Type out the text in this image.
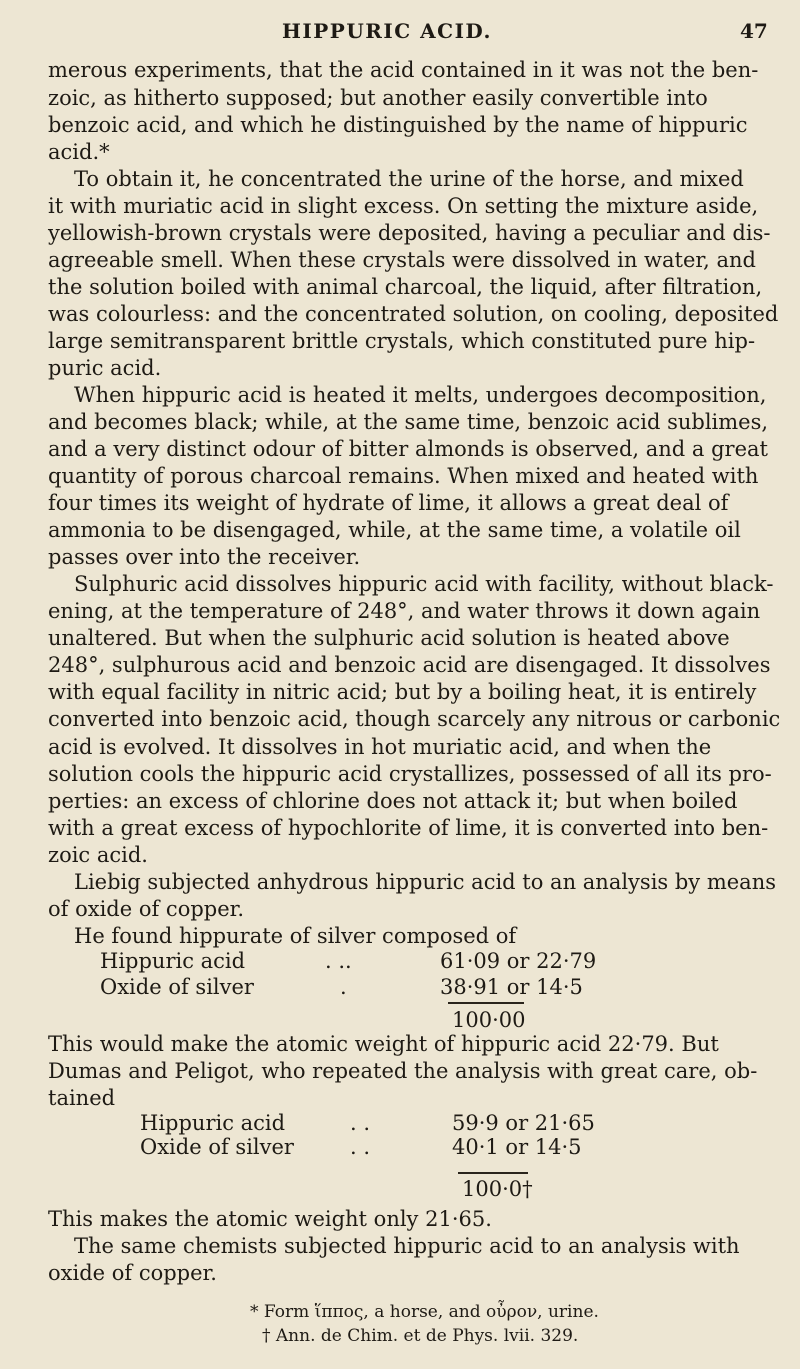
HIPPURIC ACID.	47
merous experiments, that the acid contained in it was not the ben-
zoic, as hitherto supposed; but another easily convertible into
benzoic acid, and which he distinguished by the name of hippuric
acid.*
To obtain it, he concentrated the urine of the horse, and mixed
it with muriatic acid in slight excess. On setting the mixture aside,
yellowish-brown crystals were deposited, having a peculiar and dis-
agreeable smell. When these crystals were dissolved in water, and
the solution boiled with animal charcoal, the liquid, after filtration,
was colourless: and the concentrated solution, on cooling, deposited
large semitransparent brittle crystals, which constituted pure hip-
puric acid.
When hippuric acid is heated it melts, undergoes decomposition,
and becomes black; while, at the same time, benzoic acid sublimes,
and a very distinct odour of bitter almonds is observed, and a great
quantity of porous charcoal remains. When mixed and heated with
four times its weight of hydrate of lime, it allows a great deal of
ammonia to be disengaged, while, at the same time, a volatile oil
passes over into the receiver.
Sulphuric acid dissolves hippuric acid with facility, without black-
ening, at the temperature of 248°, and water throws it down again
unaltered. But when the sulphuric acid solution is heated above
248°, sulphurous acid and benzoic acid are disengaged. It dissolves
with equal facility in nitric acid; but by a boiling heat, it is entirely
converted into benzoic acid, though scarcely any nitrous or carbonic
acid is evolved. It dissolves in hot muriatic acid, and when the
solution cools the hippuric acid crystallizes, possessed of all its pro-
perties: an excess of chlorine does not attack it; but when boiled
with a great excess of hypochlorite of lime, it is converted into ben-
zoic acid.
Liebig subjected anhydrous hippuric acid to an analysis by means
of oxide of copper.
He found hippurate of silver composed of
Hippuric acid	. ..	61·09 or 22·79
Oxide of silver	.	38·91 or 14·5
100·00
This would make the atomic weight of hippuric acid 22·79. But
Dumas and Peligot, who repeated the analysis with great care, ob-
tained
Hippuric acid	. .	59·9 or 21·65
Oxide of silver	. .	40·1 or 14·5
100·0†
This makes the atomic weight only 21·65.
The same chemists subjected hippuric acid to an analysis with
oxide of copper.
* Form ἵππος, a horse, and οὖρον, urine.
† Ann. de Chim. et de Phys. lvii. 329.
